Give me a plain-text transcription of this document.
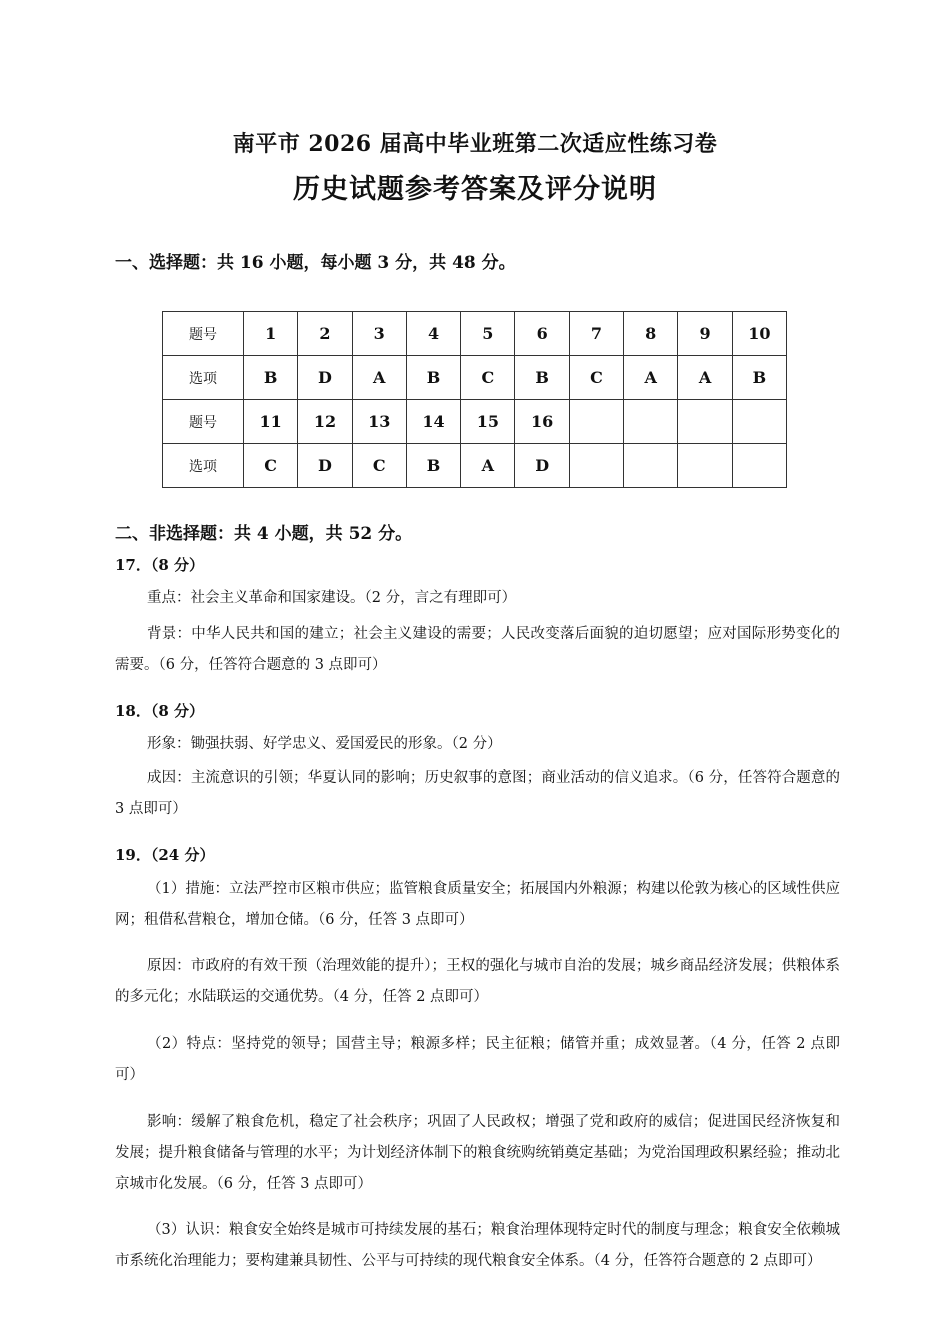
南平市 2026 届高中毕业班第二次适应性练习卷
历史试题参考答案及评分说明
一、选择题：共 16 小题，每小题 3 分，共 48 分。
题号	1	2	3	4	5	6	7	8	9	10
选项	B	D	A	B	C	B	C	A	A	B
题号	11	12	13	14	15	16				
选项	C	D	C	B	A	D				
二、非选择题：共 4 小题，共 52 分。
17．（8 分）
重点：社会主义革命和国家建设。（2 分，言之有理即可）
背景：中华人民共和国的建立；社会主义建设的需要；人民改变落后面貌的迫切愿望；应对国际形势变化的需要。（6 分，任答符合题意的 3 点即可）
18．（8 分）
形象：锄强扶弱、好学忠义、爱国爱民的形象。（2 分）
成因：主流意识的引领；华夏认同的影响；历史叙事的意图；商业活动的信义追求。（6 分，任答符合题意的 3 点即可）
19．（24 分）
（1）措施：立法严控市区粮市供应；监管粮食质量安全；拓展国内外粮源；构建以伦敦为核心的区域性供应网；租借私营粮仓，增加仓储。（6 分，任答 3 点即可）
原因：市政府的有效干预（治理效能的提升）；王权的强化与城市自治的发展；城乡商品经济发展；供粮体系的多元化；水陆联运的交通优势。（4 分，任答 2 点即可）
（2）特点：坚持党的领导；国营主导；粮源多样；民主征粮；储管并重；成效显著。（4 分，任答 2 点即可）
影响：缓解了粮食危机，稳定了社会秩序；巩固了人民政权；增强了党和政府的威信；促进国民经济恢复和发展；提升粮食储备与管理的水平；为计划经济体制下的粮食统购统销奠定基础；为党治国理政积累经验；推动北京城市化发展。（6 分，任答 3 点即可）
（3）认识：粮食安全始终是城市可持续发展的基石；粮食治理体现特定时代的制度与理念；粮食安全依赖城市系统化治理能力；要构建兼具韧性、公平与可持续的现代粮食安全体系。（4 分，任答符合题意的 2 点即可）
